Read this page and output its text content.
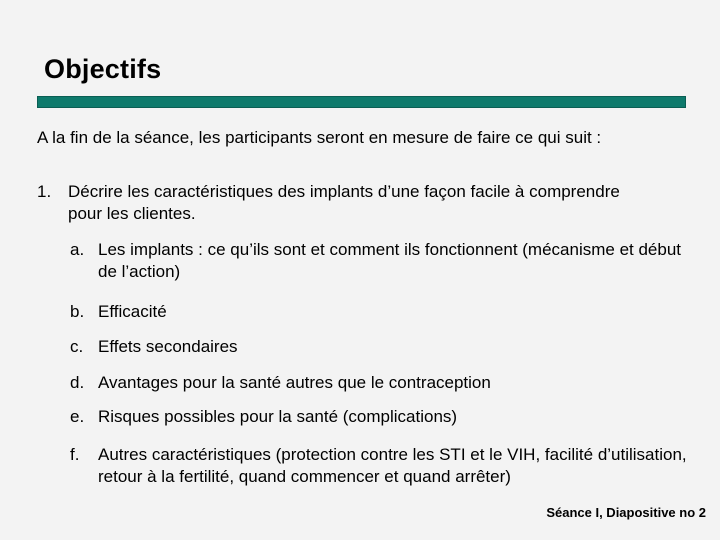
Objectifs
A la fin de la séance, les participants seront en mesure de faire ce qui suit :
1. Décrire les caractéristiques des implants d’une façon facile à comprendre pour les clientes.
a. Les implants : ce qu’ils sont et comment ils fonctionnent (mécanisme et début de l’action)
b. Efficacité
c. Effets secondaires
d. Avantages pour la santé autres que le contraception
e. Risques possibles pour la santé (complications)
f. Autres caractéristiques (protection contre les STI et le VIH, facilité d’utilisation, retour à la fertilité, quand commencer et quand arrêter)
Séance I, Diapositive no 2
